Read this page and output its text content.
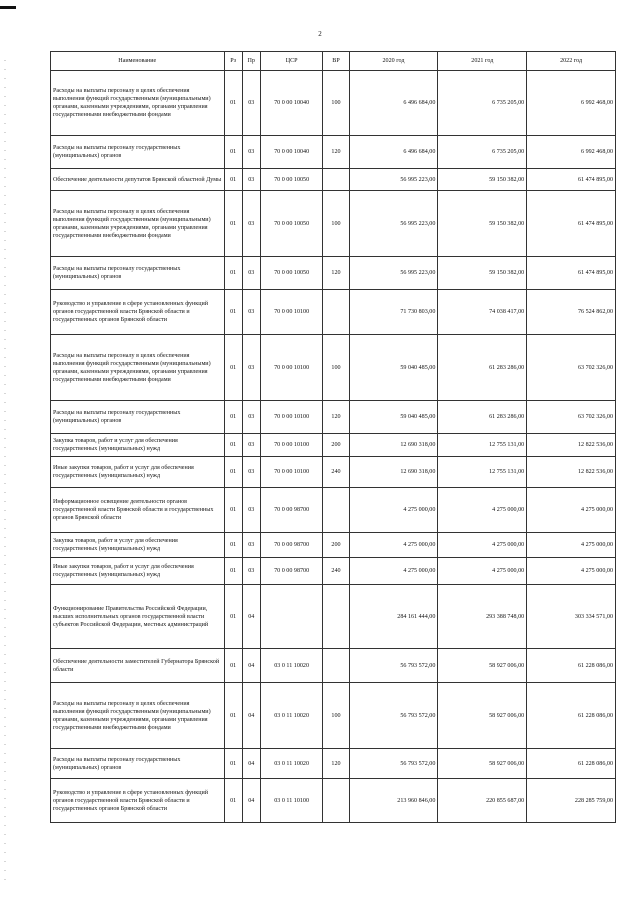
2
Наименование	Рз	Пр	ЦСР	ВР	2020 год	2021 год	2022 год
Расходы на выплаты персоналу в целях обеспечения выполнения функций государственными (муниципальными) органами, казенными учреждениями, органами управления государственными внебюджетными фондами	01	03	70 0 00 10040	100	6 496 684,00	6 735 205,00	6 992 468,00
Расходы на выплаты персоналу государственных (муниципальных) органов	01	03	70 0 00 10040	120	6 496 684,00	6 735 205,00	6 992 468,00
Обеспечение деятельности депутатов Брянской областной Думы	01	03	70 0 00 10050		56 995 223,00	59 150 382,00	61 474 895,00
Расходы на выплаты персоналу в целях обеспечения выполнения функций государственными (муниципальными) органами, казенными учреждениями, органами управления государственными внебюджетными фондами	01	03	70 0 00 10050	100	56 995 223,00	59 150 382,00	61 474 895,00
Расходы на выплаты персоналу государственных (муниципальных) органов	01	03	70 0 00 10050	120	56 995 223,00	59 150 382,00	61 474 895,00
Руководство и управление в сфере установленных функций органов государственной власти Брянской области и государственных органов Брянской области	01	03	70 0 00 10100		71 730 803,00	74 038 417,00	76 524 862,00
Расходы на выплаты персоналу в целях обеспечения выполнения функций государственными (муниципальными) органами, казенными учреждениями, органами управления государственными внебюджетными фондами	01	03	70 0 00 10100	100	59 040 485,00	61 283 286,00	63 702 326,00
Расходы на выплаты персоналу государственных (муниципальных) органов	01	03	70 0 00 10100	120	59 040 485,00	61 283 286,00	63 702 326,00
Закупка товаров, работ и услуг для обеспечения государственных (муниципальных) нужд	01	03	70 0 00 10100	200	12 690 318,00	12 755 131,00	12 822 536,00
Иные закупки товаров, работ и услуг для обеспечения государственных (муниципальных) нужд	01	03	70 0 00 10100	240	12 690 318,00	12 755 131,00	12 822 536,00
Информационное освещение деятельности органов государственной власти Брянской области и государственных органов Брянской области	01	03	70 0 00 98700		4 275 000,00	4 275 000,00	4 275 000,00
Закупка товаров, работ и услуг для обеспечения государственных (муниципальных) нужд	01	03	70 0 00 98700	200	4 275 000,00	4 275 000,00	4 275 000,00
Иные закупки товаров, работ и услуг для обеспечения государственных (муниципальных) нужд	01	03	70 0 00 98700	240	4 275 000,00	4 275 000,00	4 275 000,00
Функционирование Правительства Российской Федерации, высших исполнительных органов государственной власти субъектов Российской Федерации, местных администраций	01	04			284 161 444,00	293 388 748,00	303 334 571,00
Обеспечение деятельности заместителей Губернатора Брянской области	01	04	03 0 11 10020		56 793 572,00	58 927 006,00	61 228 086,00
Расходы на выплаты персоналу в целях обеспечения выполнения функций государственными (муниципальными) органами, казенными учреждениями, органами управления государственными внебюджетными фондами	01	04	03 0 11 10020	100	56 793 572,00	58 927 006,00	61 228 086,00
Расходы на выплаты персоналу государственных (муниципальных) органов	01	04	03 0 11 10020	120	56 793 572,00	58 927 006,00	61 228 086,00
Руководство и управление в сфере установленных функций органов государственной власти Брянской области и государственных органов Брянской области	01	04	03 0 11 10100		213 960 846,00	220 855 687,00	228 285 759,00
